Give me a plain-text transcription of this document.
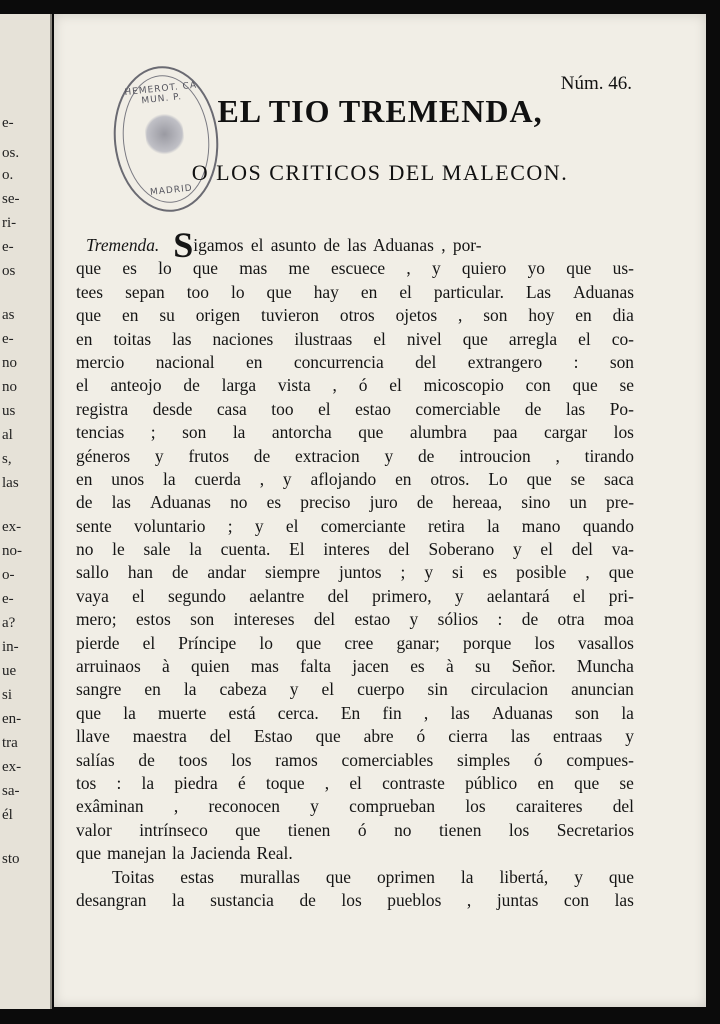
e-
os.
o.
se-
ri-
e-
os
as
e-
no
no
us
al
s,
las
ex-
no-
o-
e-
a?
in-
ue
si
en-
tra
ex-
sa-
él
sto
HEMEROT. CA MUN. P.
MADRID
Núm. 46.
EL TIO TREMENDA,
O LOS CRITICOS DEL MALECON.
Tremenda. S igamos el asunto de las Aduanas , por-
que es lo que mas me escuece , y quiero yo que us-
tees sepan too lo que hay en el particular. Las Aduanas
que en su origen tuvieron otros ojetos , son hoy en dia
en toitas las naciones ilustraas el nivel que arregla el co-
mercio nacional en concurrencia del extrangero : son
el anteojo de larga vista , ó el micoscopio con que se
registra desde casa too el estao comerciable de las Po-
tencias ; son la antorcha que alumbra paa cargar los
géneros y frutos de extracion y de introucion , tirando
en unos la cuerda , y aflojando en otros. Lo que se saca
de las Aduanas no es preciso juro de hereaa, sino un pre-
sente voluntario ; y el comerciante retira la mano quando
no le sale la cuenta. El interes del Soberano y el del va-
sallo han de andar siempre juntos ; y si es posible , que
vaya el segundo aelantre del primero, y aelantará el pri-
mero; estos son intereses del estao y sólios : de otra moa
pierde el Príncipe lo que cree ganar; porque los vasallos
arruinaos à quien mas falta jacen es à su Señor. Muncha
sangre en la cabeza y el cuerpo sin circulacion anuncian
que la muerte está cerca. En fin , las Aduanas son la
llave maestra del Estao que abre ó cierra las entraas y
salías de toos los ramos comerciables simples ó compues-
tos : la piedra é toque , el contraste público en que se
exâminan , reconocen y comprueban los caraiteres del
valor intrínseco que tienen ó no tienen los Secretarios
que manejan la Jacienda Real.
Toitas estas murallas que oprimen la libertá, y que
desangran la sustancia de los pueblos , juntas con las
